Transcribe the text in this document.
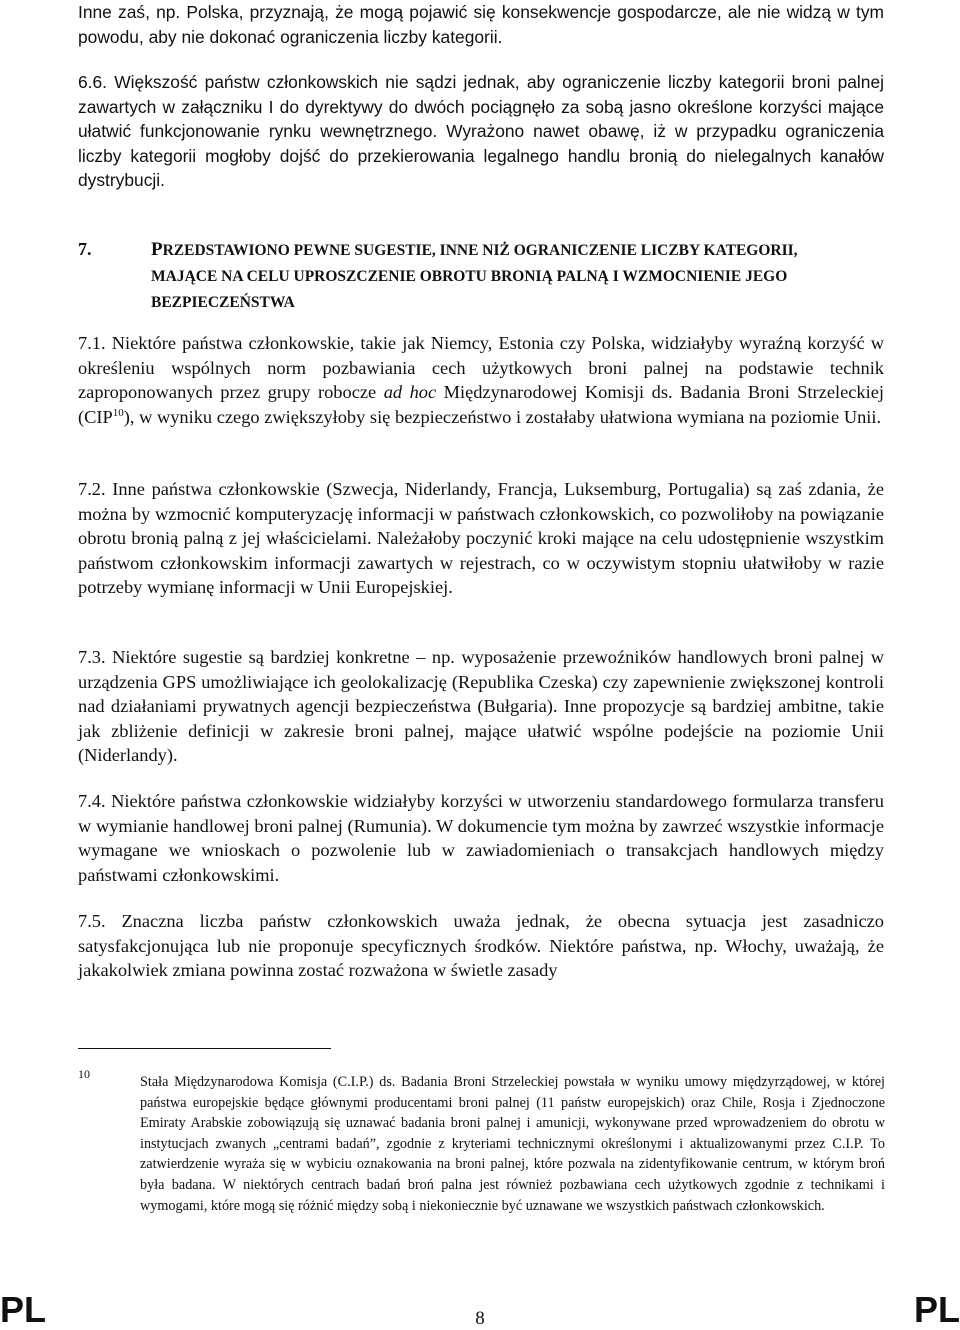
Inne zaś, np. Polska, przyznają, że mogą pojawić się konsekwencje gospodarcze, ale nie widzą w tym powodu, aby nie dokonać ograniczenia liczby kategorii.

6.6. Większość państw członkowskich nie sądzi jednak, aby ograniczenie liczby kategorii broni palnej zawartych w załączniku I do dyrektywy do dwóch pociągnęło za sobą jasno określone korzyści mające ułatwić funkcjonowanie rynku wewnętrznego. Wyrażono nawet obawę, iż w przypadku ograniczenia liczby kategorii mogłoby dojść do przekierowania legalnego handlu bronią do nielegalnych kanałów dystrybucji.

7.	PRZEDSTAWIONO PEWNE SUGESTIE, INNE NIŻ OGRANICZENIE LICZBY KATEGORII,
MAJĄCE NA CELU UPROSZCZENIE OBROTU BRONIĄ PALNĄ I WZMOCNIENIE JEGO
BEZPIECZEŃSTWA

7.1. Niektóre państwa członkowskie, takie jak Niemcy, Estonia czy Polska, widziałyby wyraźną korzyść w określeniu wspólnych norm pozbawiania cech użytkowych broni palnej na podstawie technik zaproponowanych przez grupy robocze ad hoc Międzynarodowej Komisji ds. Badania Broni Strzeleckiej (CIP$^{10}$), w wyniku czego zwiększyłoby się bezpieczeństwo i zostałaby ułatwiona wymiana na poziomie Unii.

7.2. Inne państwa członkowskie (Szwecja, Niderlandy, Francja, Luksemburg, Portugalia) są zaś zdania, że można by wzmocnić komputeryzację informacji w państwach członkowskich, co pozwoliłoby na powiązanie obrotu bronią palną z jej właścicielami. Należałoby poczynić kroki mające na celu udostępnienie wszystkim państwom członkowskim informacji zawartych w rejestrach, co w oczywistym stopniu ułatwiłoby w razie potrzeby wymianę informacji w Unii Europejskiej.

7.3. Niektóre sugestie są bardziej konkretne – np. wyposażenie przewoźników handlowych broni palnej w urządzenia GPS umożliwiające ich geolokalizację (Republika Czeska) czy zapewnienie zwiększonej kontroli nad działaniami prywatnych agencji bezpieczeństwa (Bułgaria). Inne propozycje są bardziej ambitne, takie jak zbliżenie definicji w zakresie broni palnej, mające ułatwić wspólne podejście na poziomie Unii (Niderlandy).

7.4. Niektóre państwa członkowskie widziałyby korzyści w utworzeniu standardowego formularza transferu w wymianie handlowej broni palnej (Rumunia). W dokumencie tym można by zawrzeć wszystkie informacje wymagane we wnioskach o pozwolenie lub w zawiadomieniach o transakcjach handlowych między państwami członkowskimi.

7.5. Znaczna liczba państw członkowskich uważa jednak, że obecna sytuacja jest zasadniczo satysfakcjonująca lub nie proponuje specyficznych środków. Niektóre państwa, np. Włochy, uważają, że jakakolwiek zmiana powinna zostać rozważona w świetle zasady

10	Stała Międzynarodowa Komisja (C.I.P.) ds. Badania Broni Strzeleckiej powstała w wyniku umowy międzyrządowej, w której państwa europejskie będące głównymi producentami broni palnej (11 państw europejskich) oraz Chile, Rosja i Zjednoczone Emiraty Arabskie zobowiązują się uznawać badania broni palnej i amunicji, wykonywane przed wprowadzeniem do obrotu w instytucjach zwanych „centrami badań”, zgodnie z kryteriami technicznymi określonymi i aktualizowanymi przez C.I.P. To zatwierdzenie wyraża się w wybiciu oznakowania na broni palnej, które pozwala na zidentyfikowanie centrum, w którym broń była badana. W niektórych centrach badań broń palna jest również pozbawiana cech użytkowych zgodnie z technikami i wymogami, które mogą się różnić między sobą i niekoniecznie być uznawane we wszystkich państwach członkowskich.

PL	8	PL
